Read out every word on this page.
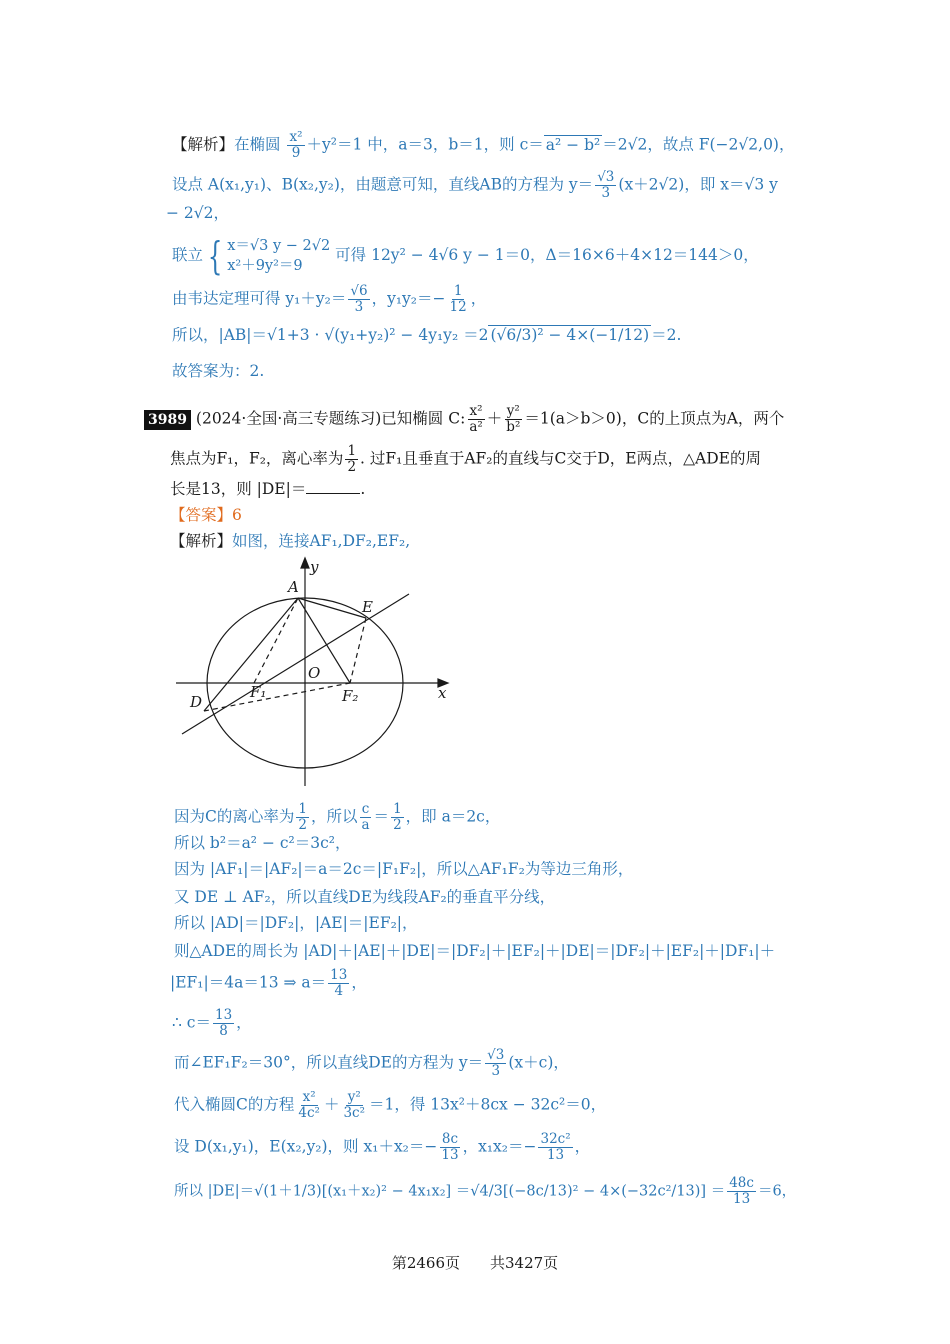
【解析】在椭圆 $\frac{\text{x²}}{9} +y^2=1$ 中，a＝3，b＝1，则 c＝ a² − b² ＝2√2，故点 F(−2√2,0)，
设点 A(x₁,y₁)、B(x₂,y₂)，由题意可知，直线AB的方程为 $y= \frac{√3}{3} (x+2√2)$，即 x＝√3 y
− 2√2，
联立 { x＝√3 y − 2√2
x²＋9y²＝9
可得 12y² − 4√6 y − 1＝0，Δ＝16×6＋4×12＝144＞0，
由韦达定理可得 $y_1+y_2= \frac{√6}{3}$ ，$y_1y_2=- \frac{1}{12}$ ，
所以，|AB|＝√1+3 · √(y₁+y₂)² − 4y₁y₂ ＝2 (√6/3)² − 4×(−1/12) ＝2.
故答案为：2.
3989 (2024·全国·高三专题练习)已知椭圆 C: $\frac{\text{x²}}{\text{a²}} + \frac{\text{y²}}{\text{b²}} =1(a>b>0)$，C的上顶点为A，两个
焦点为F₁，F₂，离心率为 $\frac{1}{2}$ . 过F₁且垂直于AF₂的直线与C交于D，E两点，△ADE的周
长是13，则 |DE|＝	.
【答案】6
【解析】如图，连接AF₁,DF₂,EF₂,
y
x
A
E
O
D
F₁	F₂
因为C的离心率为 $\frac{1}{2}$ ，所以 $\frac{c}{a} = \frac{1}{2}$ ，即 a＝2c，
所以 b²＝a² − c²＝3c²，
因为 |AF₁|＝|AF₂|＝a＝2c＝|F₁F₂|，所以△AF₁F₂为等边三角形，
又 DE ⊥ AF₂，所以直线DE为线段AF₂的垂直平分线，
所以 |AD|＝|DF₂|，|AE|＝|EF₂|，
则△ADE的周长为 |AD|＋|AE|＋|DE|＝|DF₂|＋|EF₂|＋|DE|＝|DF₂|＋|EF₂|＋|DF₁|＋
|EF₁|＝4a＝13 ⇒ $a= \frac{13}{4}$ ，
∴ $c= \frac{13}{8}$ ，
而∠EF₁F₂＝30°，所以直线DE的方程为 $y= \frac{√3}{3} (x+c)$，
代入椭圆C的方程 $\frac{\text{x²}}{\text{4c²}} + \frac{\text{y²}}{\text{3c²}} =1$，得 13x²＋8cx − 32c²＝0，
设 D(x₁,y₁)，E(x₂,y₂)，则 $x_1+x_2=- \frac{8c}{13}$ ，$x_1x_2=- \frac{\text{32c²}}{13}$ ，
所以 $|DE|=√(1+1/3)[(x_1+x_2)^2 - 4x_1x_2] =√4/3[(-8c/13)^2 - 4\times(-32c^2/13)] = \frac{48c}{13} =6$，
第2466页　　共3427页
